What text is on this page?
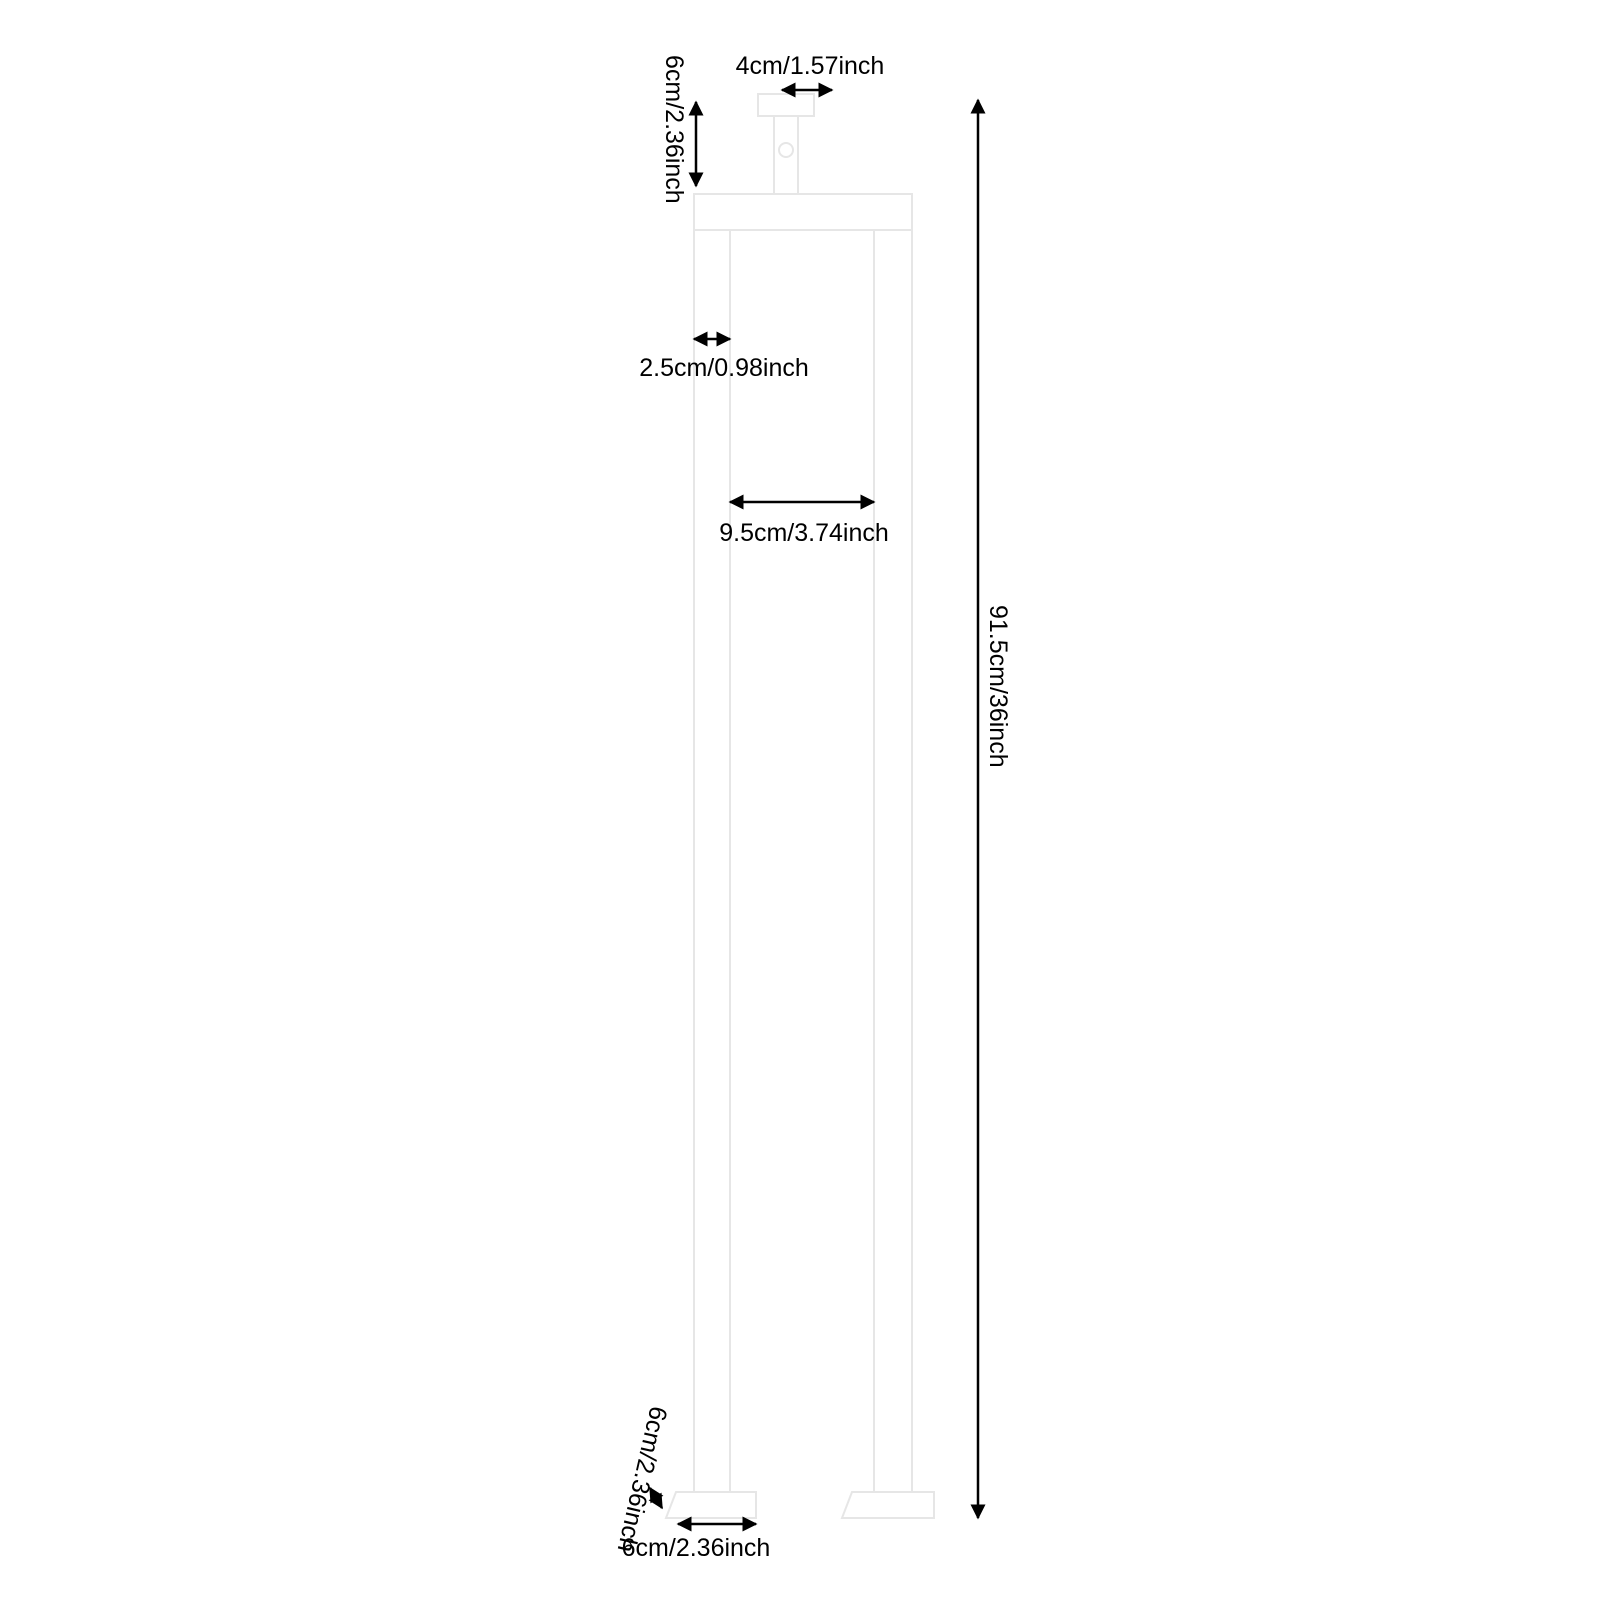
4cm/1.57inch
6cm/2.36inch
2.5cm/0.98inch
9.5cm/3.74inch
91.5cm/36inch
6cm/2.36inch
6cm/2.36inch
